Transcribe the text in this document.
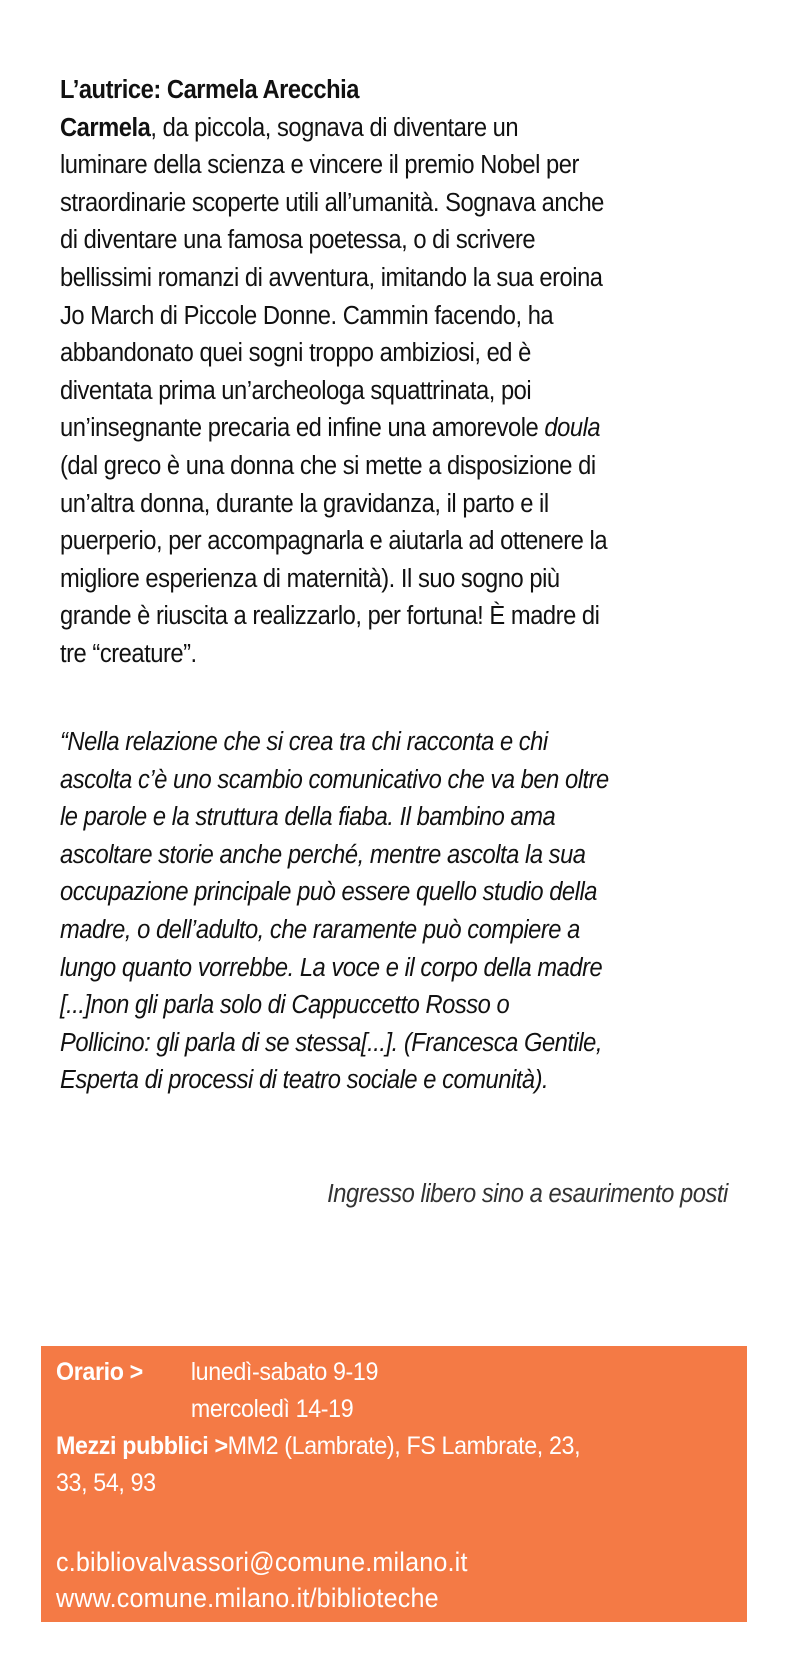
L’autrice: Carmela Arecchia
Carmela, da piccola, sognava di diventare un
luminare della scienza e vincere il premio Nobel per
straordinarie scoperte utili all’umanità. Sognava anche
di diventare una famosa poetessa, o di scrivere
bellissimi romanzi di avventura, imitando la sua eroina
Jo March di Piccole Donne. Cammin facendo, ha
abbandonato quei sogni troppo ambiziosi, ed è
diventata prima un’archeologa squattrinata, poi
un’insegnante precaria ed infine una amorevole doula
(dal greco è una donna che si mette a disposizione di
un’altra donna, durante la gravidanza, il parto e il
puerperio, per accompagnarla e aiutarla ad ottenere la
migliore esperienza di maternità). Il suo sogno più
grande è riuscita a realizzarlo, per fortuna! È madre di
tre “creature”.
“Nella relazione che si crea tra chi racconta e chi
ascolta c’è uno scambio comunicativo che va ben oltre
le parole e la struttura della fiaba. Il bambino ama
ascoltare storie anche perché, mentre ascolta la sua
occupazione principale può essere quello studio della
madre, o dell’adulto, che raramente può compiere a
lungo quanto vorrebbe. La voce e il corpo della madre
[...]non gli parla solo di Cappuccetto Rosso o
Pollicino: gli parla di se stessa[...]. (Francesca Gentile,
Esperta di processi di teatro sociale e comunità).
Ingresso libero sino a esaurimento posti
Orario >	lunedì-sabato 9-19
mercoledì 14-19
Mezzi pubblici > MM2 (Lambrate), FS Lambrate, 23,
33, 54, 93
c.bibliovalvassori@comune.milano.it
www.comune.milano.it/biblioteche
